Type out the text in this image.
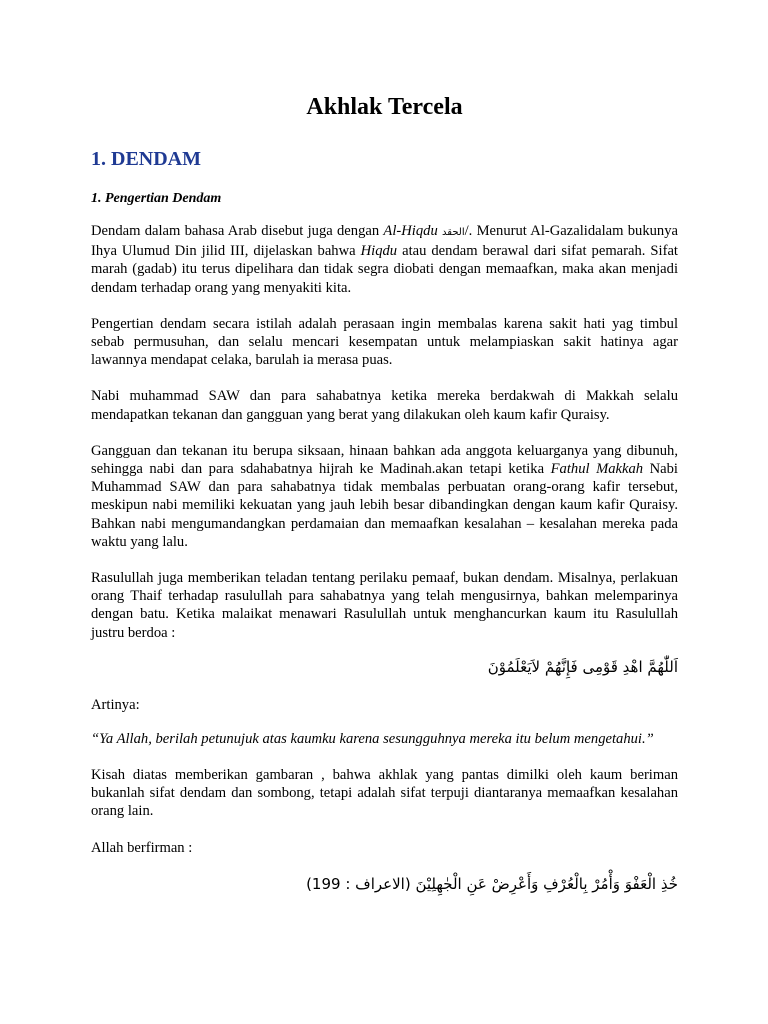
Akhlak Tercela
1. DENDAM
1. Pengertian Dendam

Dendam dalam bahasa Arab disebut juga dengan Al-Hiqdu الحقد/. Menurut Al-Gazalidalam bukunya Ihya Ulumud Din jilid III, dijelaskan bahwa Hiqdu atau dendam berawal dari sifat pemarah. Sifat marah (gadab) itu terus dipelihara dan tidak segra diobati dengan memaafkan, maka akan menjadi dendam terhadap orang yang menyakiti kita.

Pengertian dendam secara istilah adalah perasaan ingin membalas karena sakit hati yag timbul sebab permusuhan, dan selalu mencari kesempatan untuk melampiaskan sakit hatinya agar lawannya mendapat celaka, barulah ia merasa puas.

Nabi muhammad SAW dan para sahabatnya ketika mereka berdakwah di Makkah selalu mendapatkan tekanan dan gangguan yang berat yang dilakukan oleh kaum kafir Quraisy.

Gangguan dan tekanan itu berupa siksaan, hinaan bahkan ada anggota keluarganya yang dibunuh, sehingga nabi dan para sdahabatnya hijrah ke Madinah.akan tetapi ketika Fathul Makkah Nabi Muhammad SAW dan para sahabatnya tidak membalas perbuatan orang-orang kafir tersebut, meskipun nabi memiliki kekuatan yang jauh lebih besar dibandingkan dengan kaum kafir Quraisy. Bahkan nabi mengumandangkan perdamaian dan memaafkan kesalahan – kesalahan mereka pada waktu yang lalu.

Rasulullah juga memberikan teladan tentang perilaku pemaaf, bukan dendam. Misalnya, perlakuan orang Thaif terhadap rasulullah para sahabatnya yang telah mengusirnya, bahkan melemparinya dengan batu. Ketika malaikat menawari Rasulullah untuk menghancurkan kaum itu Rasulullah justru berdoa :

اَللّٰهُمَّ اهْدِ قَوْمِى فَإِنَّهُمْ لاَيَعْلَمُوْنَ

Artinya:

“Ya Allah, berilah petunujuk atas kaumku karena sesungguhnya mereka itu belum mengetahui.”

Kisah diatas memberikan gambaran , bahwa akhlak yang pantas dimilki oleh kaum beriman bukanlah sifat dendam dan sombong, tetapi adalah sifat terpuji diantaranya memaafkan kesalahan orang lain.

Allah berfirman :

خُذِ الْعَفْوَ وَأْمُرْ بِالْعُرْفِ وَأَعْرِضْ عَنِ الْجٰهِلِيْنَ (الاعراف : 199)
